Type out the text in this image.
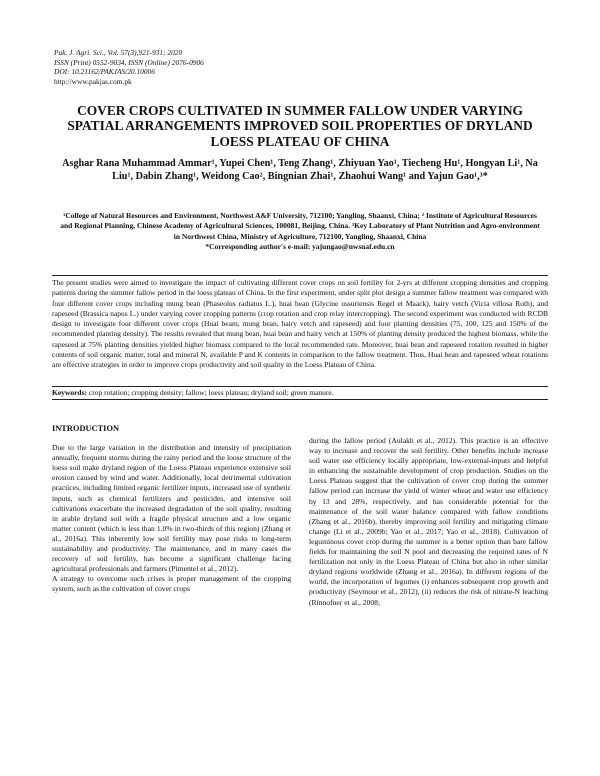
Pak. J. Agri. Sci., Vol. 57(3),921-931; 2020
ISSN (Print) 0552-9034, ISSN (Online) 2076-0906
DOI: 10.21162/PAKJAS/20.10006
http://www.pakjas.com.pk
COVER CROPS CULTIVATED IN SUMMER FALLOW UNDER VARYING SPATIAL ARRANGEMENTS IMPROVED SOIL PROPERTIES OF DRYLAND LOESS PLATEAU OF CHINA
Asghar Rana Muhammad Ammar¹, Yupei Chen¹, Teng Zhang¹, Zhiyuan Yao¹, Tiecheng Hu¹, Hongyan Li¹, Na Liu¹, Dabin Zhang¹, Weidong Cao², Bingnian Zhai¹, Zhaohui Wang¹ and Yajun Gao¹,³*
¹College of Natural Resources and Environment, Northwest A&F University, 712100; Yangling, Shaanxi, China; ² Institute of Agricultural Resources and Regional Planning, Chinese Academy of Agricultural Sciences, 100081, Beijing, China. ³Key Laboratory of Plant Nutrition and Agro-environment in Northwest China, Ministry of Agriculture, 712100, Yangling, Shaanxi, China
*Corresponding author's e-mail: yajungao@nwsuaf.edu.cn
The present studies were aimed to investigate the impact of cultivating different cover crops on soil fertility for 2-yrs at different cropping densities and cropping patterns during the summer fallow period in the loess plateau of China. In the first experiment, under split plot design a summer fallow treatment was compared with four different cover crops including mung bean (Phaseolus radiatus L.), huai bean (Glycine ussuriensis Regel et Maack), hairy vetch (Vicia villosa Roth), and rapeseed (Brassica napus L.) under varying cover cropping patterns (crop rotation and crop relay intercropping). The second experiment was conducted with RCDB design to investigate four different cover crops (Huai beam, mung bean, hairy vetch and rapeseed) and four planting densities (75, 100, 125 and 150% of the recommended planting density). The results revealed that mung bean, huai bean and hairy vetch at 150% of planting density produced the highest biomass, while the rapeseed at 75% planting densities yielded higher biomass compared to the local recommended rate. Moreover, huai bean and rapeseed rotation resulted in higher contents of soil organic matter, total and mineral N, available P and K contents in comparison to the fallow treatment. Thus, Huai bean and rapeseed wheat rotations are effective strategies in order to improve crops productivity and soil quality in the Loess Plateau of China.
Keywords: crop rotation; cropping density; fallow; loess plateau; dryland soil; green manure.
INTRODUCTION

Due to the large variation in the distribution and intensity of precipitation annually, frequent storms during the rainy period and the loose structure of the loess soil make dryland region of the Loess Plateau experience extensive soil erosion caused by wind and water. Additionally, local detrimental cultivation practices, including limited organic fertilizer inputs, increased use of synthetic inputs, such as chemical fertilizers and pesticides, and intensive soil cultivations exacerbate the increased degradation of the soil quality, resulting in arable dryland soil with a fragile physical structure and a low organic matter content (which is less than 1.0% in two-thirds of this region) (Zhang et al., 2016a). This inherently low soil fertility may pose risks to long-term sustainability and productivity. The maintenance, and in many cases the recovery of soil fertility, has become a significant challenge facing agricultural professionals and farmers (Pimentel et al., 2012).

A strategy to overcome such crises is proper management of the cropping system, such as the cultivation of cover crops

during the fallow period (Aulakh et al., 2012). This practice is an effective way to increase and recover the soil fertility. Other benefits include increase soil water use efficiency locally appropriate, low-external-inputs and helpful in enhancing the sustainable development of crop production. Studies on the Loess Plateau suggest that the cultivation of cover crop during the summer fallow period can increase the yield of winter wheat and water use efficiency by 13 and 28%, respectively, and has considerable potential for the maintenance of the soil water balance compared with fallow conditions (Zhang et al., 2016b), thereby improving soil fertility and mitigating climate change (Li et al., 2009b; Yao et al., 2017; Yao et al., 2018). Cultivation of leguminous cover crop during the summer is a better option than bare fallow fields for maintaining the soil N pool and decreasing the required rates of N fertilization not only in the Loess Plateau of China but also in other similar dryland regions worldwide (Zhang et al., 2016a). In different regions of the world, the incorporation of legumes (i) enhances subsequent crop growth and productivity (Seymour et al., 2012), (ii) reduces the risk of nitrate-N leaching (Rinnofner et al., 2008;
